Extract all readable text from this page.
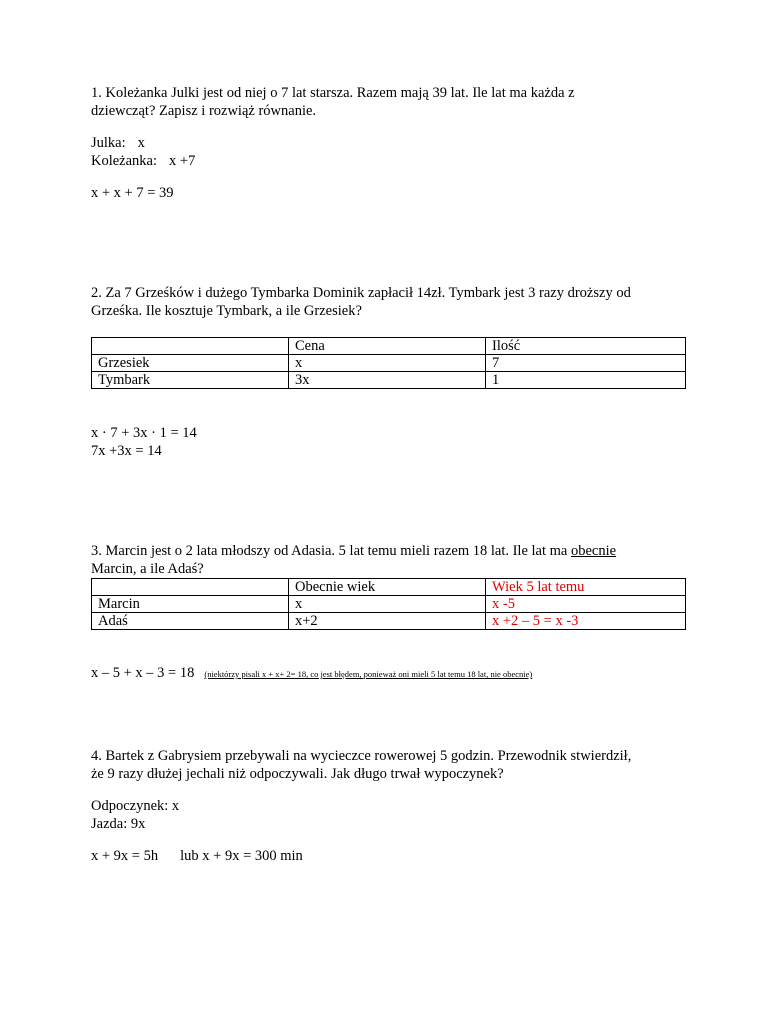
1. Koleżanka Julki jest od niej o 7 lat starsza. Razem mają 39 lat. Ile lat ma każda z

dziewcząt? Zapisz i rozwiąż równanie.

Julka: x

Koleżanka: x +7

x + x + 7 = 39

2. Za 7 Grześków i dużego Tymbarka Dominik zapłacił 14zł. Tymbark jest 3 razy droższy od

Grześka. Ile kosztuje Tymbark, a ile Grzesiek?

	Cena	Ilość
Grzesiek	x	7
Tymbark	3x	1

x · 7 + 3x · 1 = 14

7x +3x = 14

3. Marcin jest o 2 lata młodszy od Adasia. 5 lat temu mieli razem 18 lat. Ile lat ma obecnie

Marcin, a ile Adaś?

	Obecnie wiek	Wiek 5 lat temu
Marcin	x	x -5
Adaś	x+2	x +2 – 5 = x -3

x – 5 + x – 3 = 18 (niektórzy pisali x + x+ 2= 18, co jest błędem, ponieważ oni mieli 5 lat temu 18 lat, nie obecnie)

4. Bartek z Gabrysiem przebywali na wycieczce rowerowej 5 godzin. Przewodnik stwierdził,

że 9 razy dłużej jechali niż odpoczywali. Jak długo trwał wypoczynek?

Odpoczynek: x

Jazda: 9x

x + 9x = 5h lub x + 9x = 300 min
